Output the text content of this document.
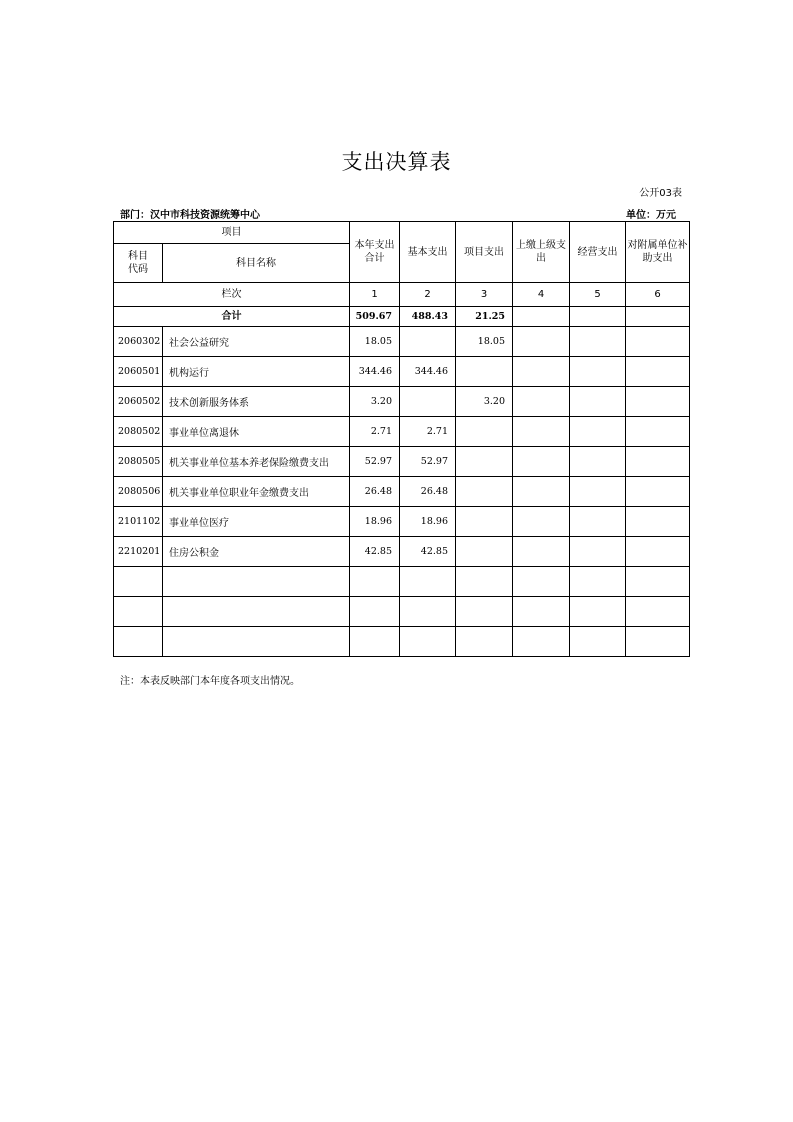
支出决算表
公开03表
部门：汉中市科技资源统筹中心	单位：万元
项目		本年支出合计	基本支出	项目支出	上缴上级支出	经营支出	对附属单位补助支出
科目代码	科目名称						
栏次		1	2	3	4	5	6
合计		509.67	488.43	21.25			
2060302	社会公益研究	18.05		18.05			
2060501	机构运行	344.46	344.46				
2060502	技术创新服务体系	3.20		3.20			
2080502	事业单位离退休	2.71	2.71				
2080505	机关事业单位基本养老保险缴费支出	52.97	52.97				
2080506	机关事业单位职业年金缴费支出	26.48	26.48				
2101102	事业单位医疗	18.96	18.96				
2210201	住房公积金	42.85	42.85				

注：本表反映部门本年度各项支出情况。
